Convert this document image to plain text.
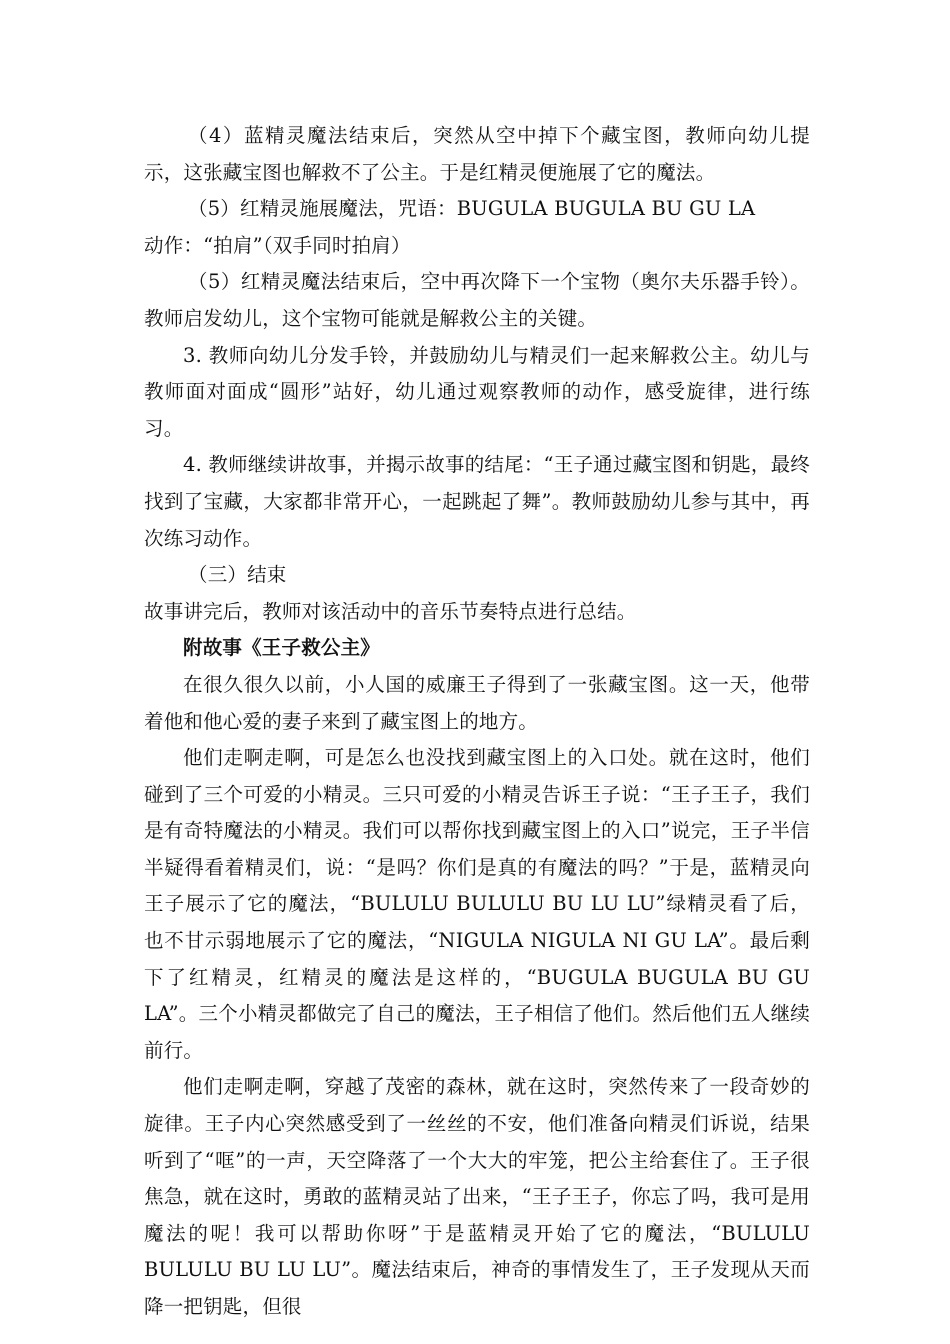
（4）蓝精灵魔法结束后，突然从空中掉下个藏宝图，教师向幼儿提示，这张藏宝图也解救不了公主。于是红精灵便施展了它的魔法。

（5）红精灵施展魔法，咒语：BUGULA BUGULA BU GU LA

动作：“拍肩”（双手同时拍肩）

（5）红精灵魔法结束后，空中再次降下一个宝物（奥尔夫乐器手铃）。教师启发幼儿，这个宝物可能就是解救公主的关键。

3. 教师向幼儿分发手铃，并鼓励幼儿与精灵们一起来解救公主。幼儿与教师面对面成“圆形”站好，幼儿通过观察教师的动作，感受旋律，进行练习。

4. 教师继续讲故事，并揭示故事的结尾：“王子通过藏宝图和钥匙，最终找到了宝藏，大家都非常开心，一起跳起了舞”。教师鼓励幼儿参与其中，再次练习动作。

（三）结束

故事讲完后，教师对该活动中的音乐节奏特点进行总结。

附故事《王子救公主》

在很久很久以前，小人国的威廉王子得到了一张藏宝图。这一天，他带着他和他心爱的妻子来到了藏宝图上的地方。

他们走啊走啊，可是怎么也没找到藏宝图上的入口处。就在这时，他们碰到了三个可爱的小精灵。三只可爱的小精灵告诉王子说：“王子王子，我们是有奇特魔法的小精灵。我们可以帮你找到藏宝图上的入口”说完，王子半信半疑得看着精灵们，说：“是吗？你们是真的有魔法的吗？”于是，蓝精灵向王子展示了它的魔法，“BULULU BULULU BU LU LU”绿精灵看了后，也不甘示弱地展示了它的魔法，“NIGULA NIGULA NI GU LA”。最后剩下了红精灵，红精灵的魔法是这样的，“BUGULA BUGULA BU GU LA”。三个小精灵都做完了自己的魔法，王子相信了他们。然后他们五人继续前行。

他们走啊走啊，穿越了茂密的森林，就在这时，突然传来了一段奇妙的旋律。王子内心突然感受到了一丝丝的不安，他们准备向精灵们诉说，结果听到了“哐”的一声，天空降落了一个大大的牢笼，把公主给套住了。王子很焦急，就在这时，勇敢的蓝精灵站了出来，“王子王子，你忘了吗，我可是用魔法的呢！我可以帮助你呀”于是蓝精灵开始了它的魔法，“BULULU BULULU BU LU LU”。魔法结束后，神奇的事情发生了，王子发现从天而降一把钥匙，但很
